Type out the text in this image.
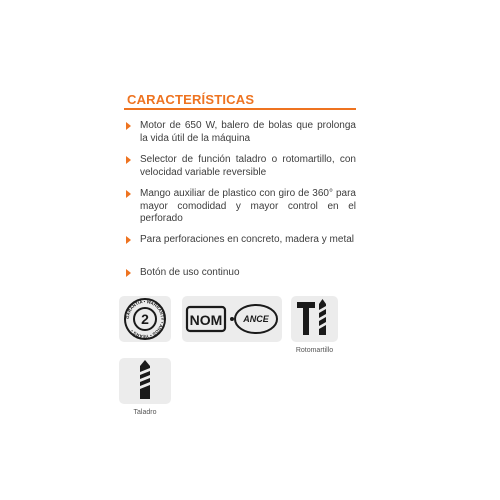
CARACTERÍSTICAS
Motor de 650 W, balero de bolas que prolonga la vida útil de la máquina
Selector de función taladro o rotomartillo, con velocidad variable reversible
Mango auxiliar de plastico con giro de 360° para mayor comodidad y mayor control en el perforado
Para perforaciones en concreto, madera y metal
Botón de uso continuo
GARANTÍA • WARRANTY • AÑOS • YEARS •
2	NOM ANCE
Rotomartillo
Taladro
